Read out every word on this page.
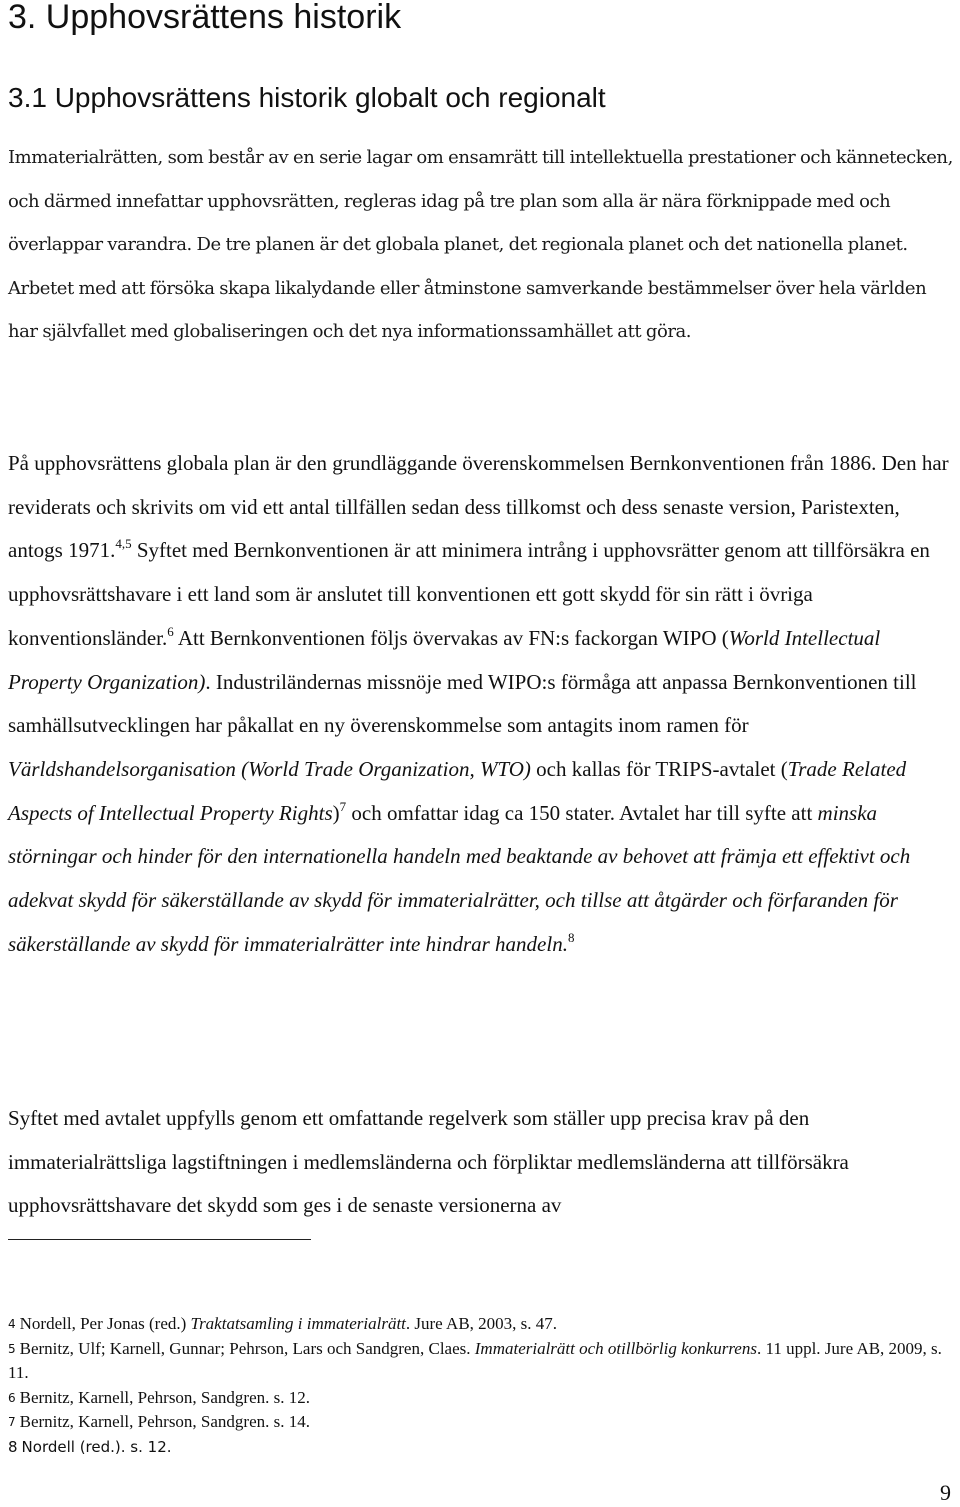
3. Upphovsrättens historik
3.1 Upphovsrättens historik globalt och regionalt

Immaterialrätten, som består av en serie lagar om ensamrätt till intellektuella prestationer och kännetecken, och därmed innefattar upphovsrätten, regleras idag på tre plan som alla är nära förknippade med och överlappar varandra. De tre planen är det globala planet, det regionala planet och det nationella planet. Arbetet med att försöka skapa likalydande eller åtminstone samverkande bestämmelser över hela världen har självfallet med globaliseringen och det nya informationssamhället att göra.

På upphovsrättens globala plan är den grundläggande överenskommelsen Bernkonventionen från 1886. Den har reviderats och skrivits om vid ett antal tillfällen sedan dess tillkomst och dess senaste version, Paristexten, antogs 1971.$^{4,5}$ Syftet med Bernkonventionen är att minimera intrång i upphovsrätter genom att tillförsäkra en upphovsrättshavare i ett land som är anslutet till konventionen ett gott skydd för sin rätt i övriga konventionsländer.$^6$ Att Bernkonventionen följs övervakas av FN:s fackorgan WIPO (World Intellectual Property Organization). Industriländernas missnöje med WIPO:s förmåga att anpassa Bernkonventionen till samhällsutvecklingen har påkallat en ny överenskommelse som antagits inom ramen för Världshandelsorganisation (World Trade Organization, WTO) och kallas för TRIPS-avtalet (Trade Related Aspects of Intellectual Property Rights)$^7$ och omfattar idag ca 150 stater. Avtalet har till syfte att minska störningar och hinder för den internationella handeln med beaktande av behovet att främja ett effektivt och adekvat skydd för säkerställande av skydd för immaterialrätter, och tillse att åtgärder och förfaranden för säkerställande av skydd för immaterialrätter inte hindrar handeln.$^8$

Syftet med avtalet uppfylls genom ett omfattande regelverk som ställer upp precisa krav på den immaterialrättsliga lagstiftningen i medlemsländerna och förpliktar medlemsländerna att tillförsäkra upphovsrättshavare det skydd som ges i de senaste versionerna av

4 Nordell, Per Jonas (red.) Traktatsamling i immaterialrätt. Jure AB, 2003, s. 47.

5 Bernitz, Ulf; Karnell, Gunnar; Pehrson, Lars och Sandgren, Claes. Immaterialrätt och otillbörlig konkurrens. 11 uppl. Jure AB, 2009, s. 11.

6 Bernitz, Karnell, Pehrson, Sandgren. s. 12.

7 Bernitz, Karnell, Pehrson, Sandgren. s. 14.

8 Nordell (red.). s. 12.

9
